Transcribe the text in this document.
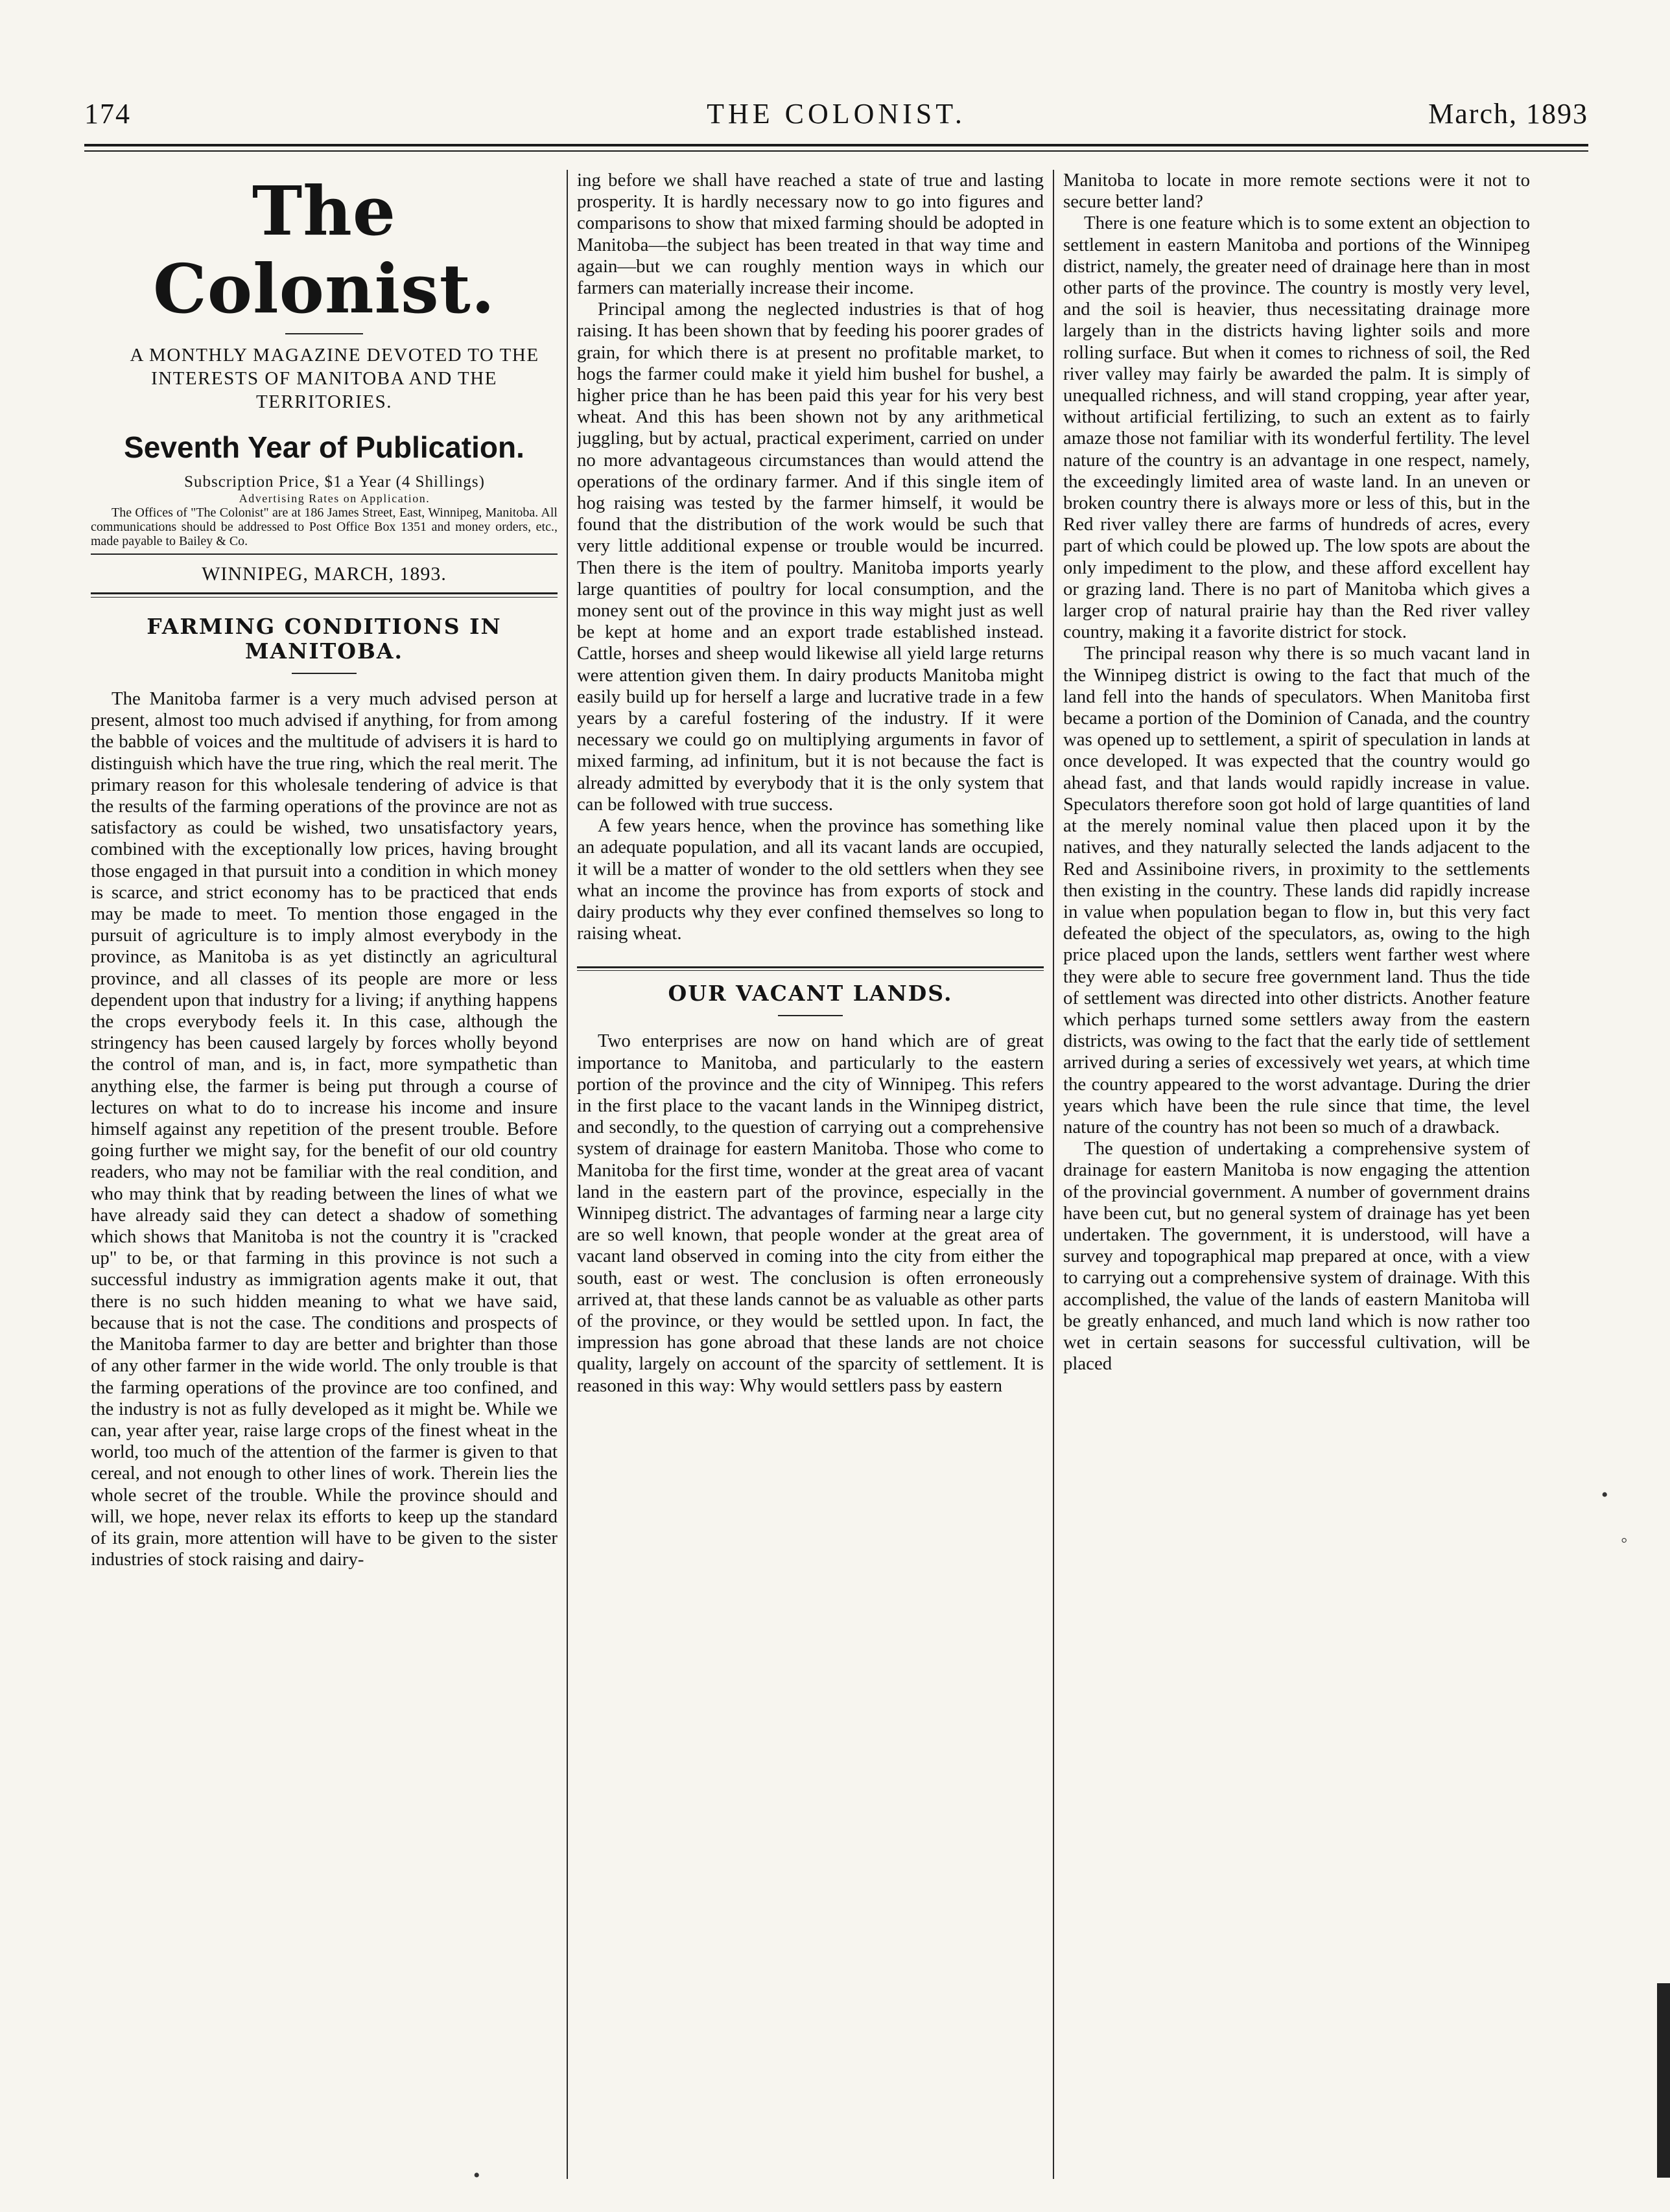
174	THE COLONIST.	March, 1893
The Colonist.

A MONTHLY MAGAZINE DEVOTED TO THE INTERESTS OF MANITOBA AND THE TERRITORIES.

Seventh Year of Publication.

Subscription Price, $1 a Year (4 Shillings)

Advertising Rates on Application.

The Offices of "The Colonist" are at 186 James Street, East, Winnipeg, Manitoba. All communications should be addressed to Post Office Box 1351 and money orders, etc., made payable to Bailey & Co.

WINNIPEG, MARCH, 1893.
FARMING CONDITIONS IN MANITOBA.

The Manitoba farmer is a very much advised person at present, almost too much advised if anything, for from among the babble of voices and the multitude of advisers it is hard to distinguish which have the true ring, which the real merit. The primary reason for this wholesale tendering of advice is that the results of the farming operations of the province are not as satisfactory as could be wished, two unsatisfactory years, combined with the exceptionally low prices, having brought those engaged in that pursuit into a condition in which money is scarce, and strict economy has to be practiced that ends may be made to meet. To mention those engaged in the pursuit of agriculture is to imply almost everybody in the province, as Manitoba is as yet distinctly an agricultural province, and all classes of its people are more or less dependent upon that industry for a living; if anything happens the crops everybody feels it. In this case, although the stringency has been caused largely by forces wholly beyond the control of man, and is, in fact, more sympathetic than anything else, the farmer is being put through a course of lectures on what to do to increase his income and insure himself against any repetition of the present trouble. Before going further we might say, for the benefit of our old country readers, who may not be familiar with the real condition, and who may think that by reading between the lines of what we have already said they can detect a shadow of something which shows that Manitoba is not the country it is "cracked up" to be, or that farming in this province is not such a successful industry as immigration agents make it out, that there is no such hidden meaning to what we have said, because that is not the case. The conditions and prospects of the Manitoba farmer to day are better and brighter than those of any other farmer in the wide world. The only trouble is that the farming operations of the province are too confined, and the industry is not as fully developed as it might be. While we can, year after year, raise large crops of the finest wheat in the world, too much of the attention of the farmer is given to that cereal, and not enough to other lines of work. Therein lies the whole secret of the trouble. While the province should and will, we hope, never relax its efforts to keep up the standard of its grain, more attention will have to be given to the sister industries of stock raising and dairy-

ing before we shall have reached a state of true and lasting prosperity. It is hardly necessary now to go into figures and comparisons to show that mixed farming should be adopted in Manitoba—the subject has been treated in that way time and again—but we can roughly mention ways in which our farmers can materially increase their income.

Principal among the neglected industries is that of hog raising. It has been shown that by feeding his poorer grades of grain, for which there is at present no profitable market, to hogs the farmer could make it yield him bushel for bushel, a higher price than he has been paid this year for his very best wheat. And this has been shown not by any arithmetical juggling, but by actual, practical experiment, carried on under no more advantageous circumstances than would attend the operations of the ordinary farmer. And if this single item of hog raising was tested by the farmer himself, it would be found that the distribution of the work would be such that very little additional expense or trouble would be incurred. Then there is the item of poultry. Manitoba imports yearly large quantities of poultry for local consumption, and the money sent out of the province in this way might just as well be kept at home and an export trade established instead. Cattle, horses and sheep would likewise all yield large returns were attention given them. In dairy products Manitoba might easily build up for herself a large and lucrative trade in a few years by a careful fostering of the industry. If it were necessary we could go on multiplying arguments in favor of mixed farming, ad infinitum, but it is not because the fact is already admitted by everybody that it is the only system that can be followed with true success.

A few years hence, when the province has something like an adequate population, and all its vacant lands are occupied, it will be a matter of wonder to the old settlers when they see what an income the province has from exports of stock and dairy products why they ever confined themselves so long to raising wheat.

OUR VACANT LANDS.

Two enterprises are now on hand which are of great importance to Manitoba, and particularly to the eastern portion of the province and the city of Winnipeg. This refers in the first place to the vacant lands in the Winnipeg district, and secondly, to the question of carrying out a comprehensive system of drainage for eastern Manitoba. Those who come to Manitoba for the first time, wonder at the great area of vacant land in the eastern part of the province, especially in the Winnipeg district. The advantages of farming near a large city are so well known, that people wonder at the great area of vacant land observed in coming into the city from either the south, east or west. The conclusion is often erroneously arrived at, that these lands cannot be as valuable as other parts of the province, or they would be settled upon. In fact, the impression has gone abroad that these lands are not choice quality, largely on account of the sparcity of settlement. It is reasoned in this way: Why would settlers pass by eastern

Manitoba to locate in more remote sections were it not to secure better land?

There is one feature which is to some extent an objection to settlement in eastern Manitoba and portions of the Winnipeg district, namely, the greater need of drainage here than in most other parts of the province. The country is mostly very level, and the soil is heavier, thus necessitating drainage more largely than in the districts having lighter soils and more rolling surface. But when it comes to richness of soil, the Red river valley may fairly be awarded the palm. It is simply of unequalled richness, and will stand cropping, year after year, without artificial fertilizing, to such an extent as to fairly amaze those not familiar with its wonderful fertility. The level nature of the country is an advantage in one respect, namely, the exceedingly limited area of waste land. In an uneven or broken country there is always more or less of this, but in the Red river valley there are farms of hundreds of acres, every part of which could be plowed up. The low spots are about the only impediment to the plow, and these afford excellent hay or grazing land. There is no part of Manitoba which gives a larger crop of natural prairie hay than the Red river valley country, making it a favorite district for stock.

The principal reason why there is so much vacant land in the Winnipeg district is owing to the fact that much of the land fell into the hands of speculators. When Manitoba first became a portion of the Dominion of Canada, and the country was opened up to settlement, a spirit of speculation in lands at once developed. It was expected that the country would go ahead fast, and that lands would rapidly increase in value. Speculators therefore soon got hold of large quantities of land at the merely nominal value then placed upon it by the natives, and they naturally selected the lands adjacent to the Red and Assiniboine rivers, in proximity to the settlements then existing in the country. These lands did rapidly increase in value when population began to flow in, but this very fact defeated the object of the speculators, as, owing to the high price placed upon the lands, settlers went farther west where they were able to secure free government land. Thus the tide of settlement was directed into other districts. Another feature which perhaps turned some settlers away from the eastern districts, was owing to the fact that the early tide of settlement arrived during a series of excessively wet years, at which time the country appeared to the worst advantage. During the drier years which have been the rule since that time, the level nature of the country has not been so much of a drawback.

The question of undertaking a comprehensive system of drainage for eastern Manitoba is now engaging the attention of the provincial government. A number of government drains have been cut, but no general system of drainage has yet been undertaken. The government, it is understood, will have a survey and topographical map prepared at once, with a view to carrying out a comprehensive system of drainage. With this accomplished, the value of the lands of eastern Manitoba will be greatly enhanced, and much land which is now rather too wet in certain seasons for successful cultivation, will be placed

•
◦
•
